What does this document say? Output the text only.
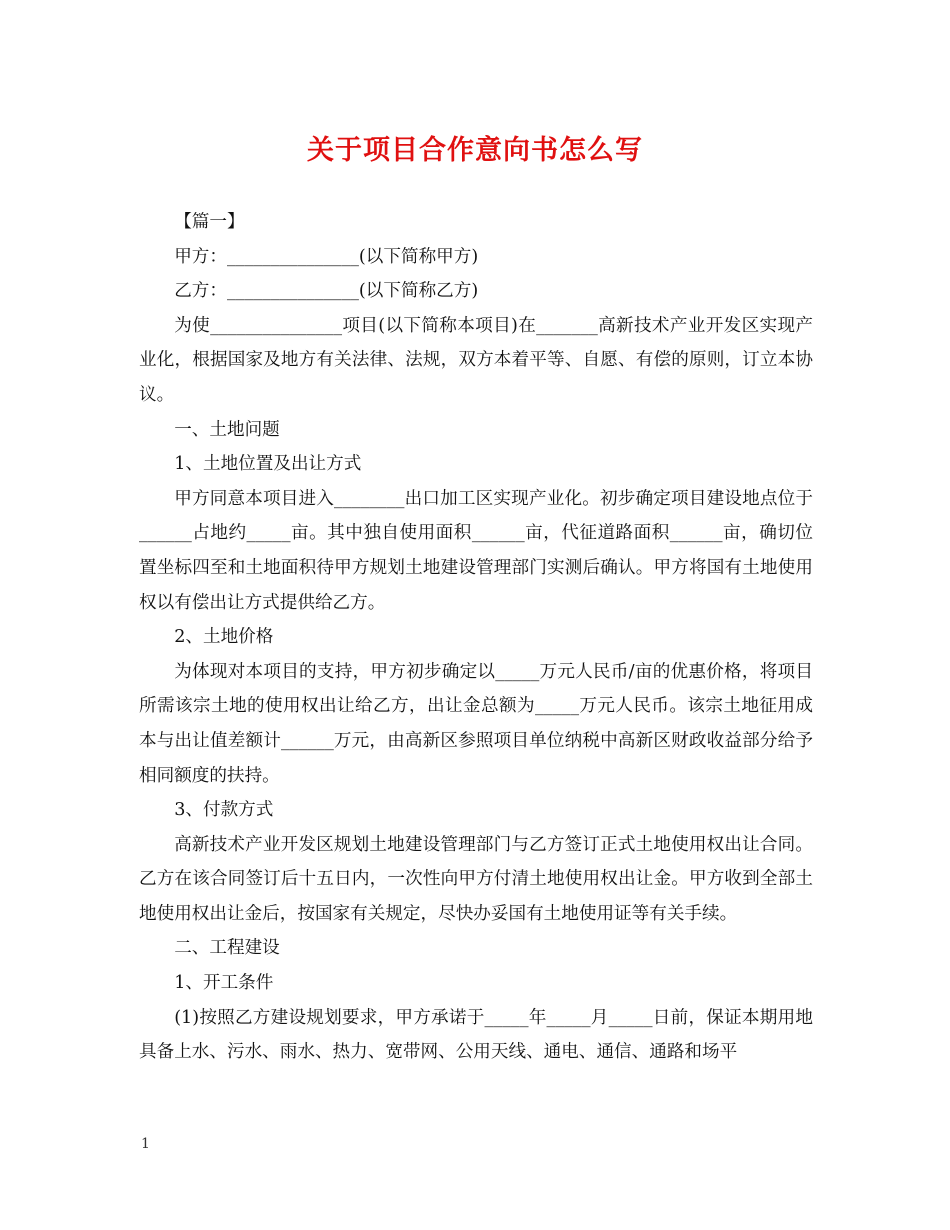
关于项目合作意向书怎么写

【篇一】

甲方：_______________(以下简称甲方)

乙方：_______________(以下简称乙方)

为使_______________项目(以下简称本项目)在_______高新技术产业开发区实现产业化，根据国家及地方有关法律、法规，双方本着平等、自愿、有偿的原则，订立本协议。

一、土地问题

1、土地位置及出让方式

甲方同意本项目进入________出口加工区实现产业化。初步确定项目建设地点位于______占地约_____亩。其中独自使用面积______亩，代征道路面积______亩，确切位置坐标四至和土地面积待甲方规划土地建设管理部门实测后确认。甲方将国有土地使用权以有偿出让方式提供给乙方。

2、土地价格

为体现对本项目的支持，甲方初步确定以_____万元人民币/亩的优惠价格，将项目所需该宗土地的使用权出让给乙方，出让金总额为_____万元人民币。该宗土地征用成本与出让值差额计______万元，由高新区参照项目单位纳税中高新区财政收益部分给予相同额度的扶持。

3、付款方式

高新技术产业开发区规划土地建设管理部门与乙方签订正式土地使用权出让合同。乙方在该合同签订后十五日内，一次性向甲方付清土地使用权出让金。甲方收到全部土地使用权出让金后，按国家有关规定，尽快办妥国有土地使用证等有关手续。

二、工程建设

1、开工条件

(1)按照乙方建设规划要求，甲方承诺于_____年_____月_____日前，保证本期用地具备上水、污水、雨水、热力、宽带网、公用天线、通电、通信、通路和场平

1
